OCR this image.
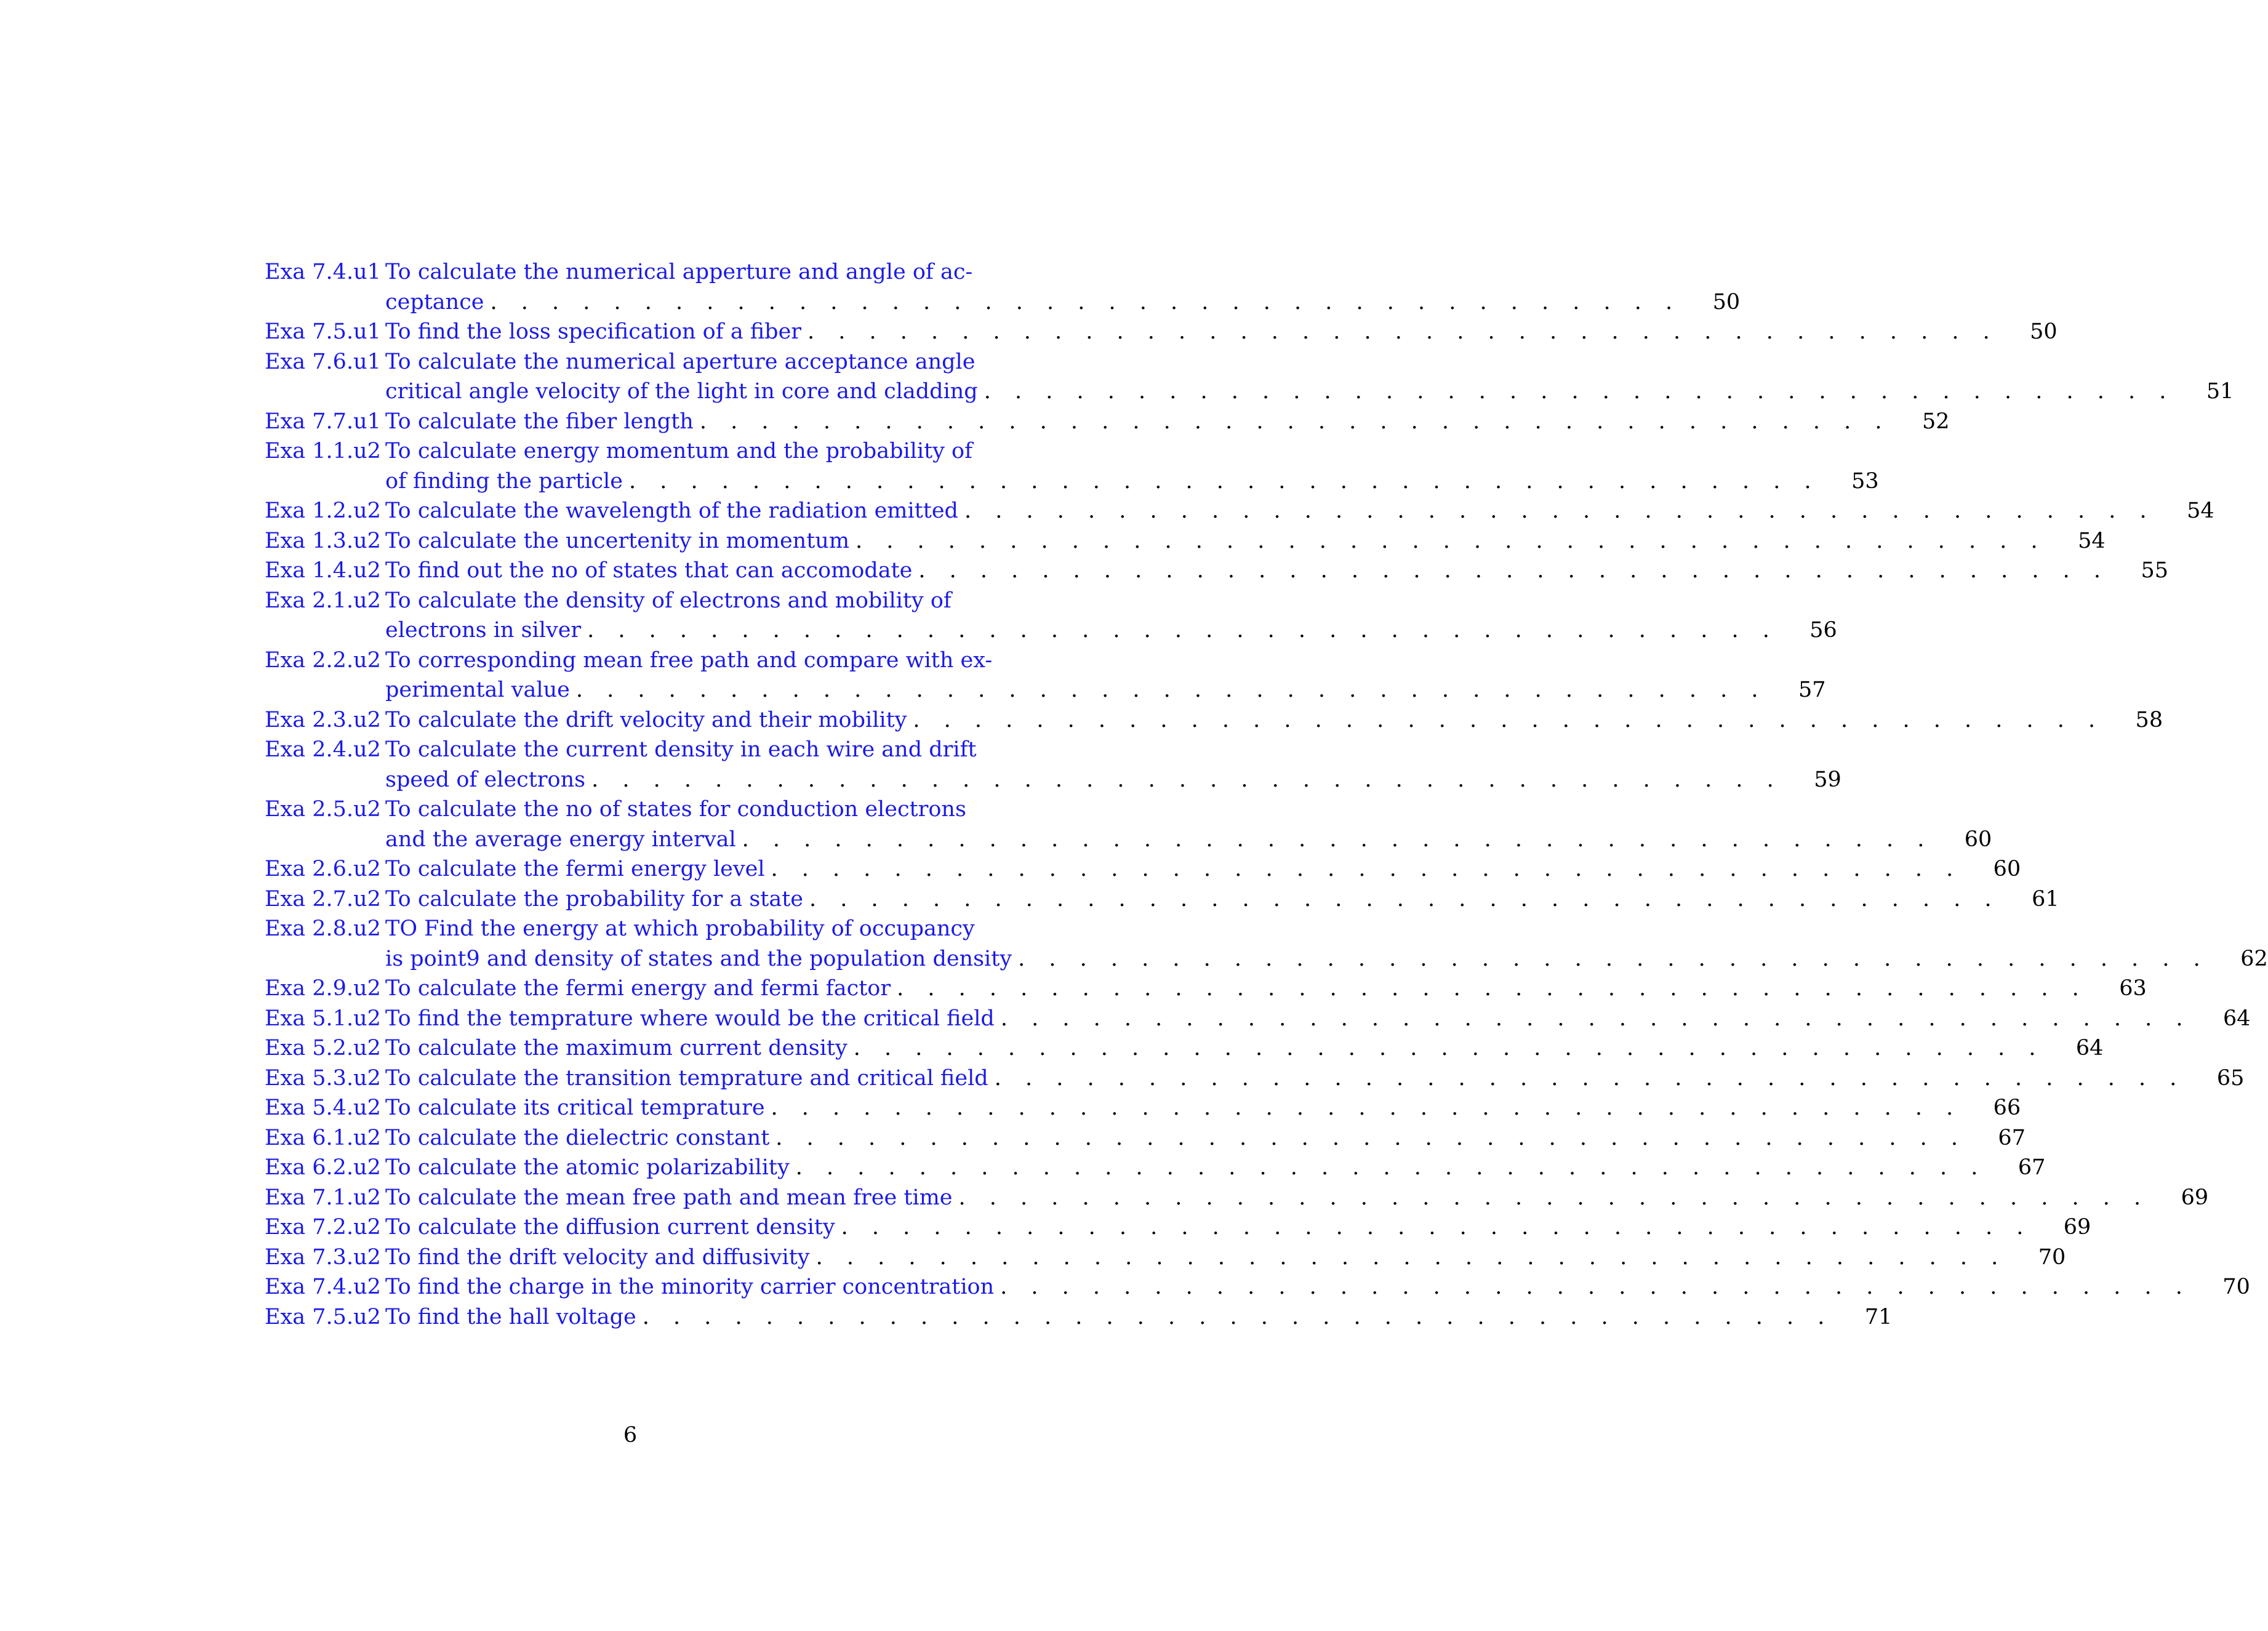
Exa 7.4.u1 To calculate the numerical apperture and angle of ac-
ceptance . . . . . . . . . . . . . . . . . . . . . . . . . . . . . . . . . . . . . . .	50
Exa 7.5.u1 To find the loss specification of a fiber . . . . . . . . . . . . . . . . . . . . . . . . . . . . . . . . . . . . . . .	50
Exa 7.6.u1 To calculate the numerical aperture acceptance angle
critical angle velocity of the light in core and cladding . . . . . . . . . . . . . . . . . . . . . . . . . . . . . . . . . . . . . . .	51
Exa 7.7.u1 To calculate the fiber length . . . . . . . . . . . . . . . . . . . . . . . . . . . . . . . . . . . . . . .	52
Exa 1.1.u2 To calculate energy momentum and the probability of
of finding the particle . . . . . . . . . . . . . . . . . . . . . . . . . . . . . . . . . . . . . . .	53
Exa 1.2.u2 To calculate the wavelength of the radiation emitted . . . . . . . . . . . . . . . . . . . . . . . . . . . . . . . . . . . . . . .	54
Exa 1.3.u2 To calculate the uncertenity in momentum . . . . . . . . . . . . . . . . . . . . . . . . . . . . . . . . . . . . . . .	54
Exa 1.4.u2 To find out the no of states that can accomodate . . . . . . . . . . . . . . . . . . . . . . . . . . . . . . . . . . . . . . .	55
Exa 2.1.u2 To calculate the density of electrons and mobility of
electrons in silver . . . . . . . . . . . . . . . . . . . . . . . . . . . . . . . . . . . . . . .	56
Exa 2.2.u2 To corresponding mean free path and compare with ex-
perimental value . . . . . . . . . . . . . . . . . . . . . . . . . . . . . . . . . . . . . . .	57
Exa 2.3.u2 To calculate the drift velocity and their mobility . . . . . . . . . . . . . . . . . . . . . . . . . . . . . . . . . . . . . . .	58
Exa 2.4.u2 To calculate the current density in each wire and drift
speed of electrons . . . . . . . . . . . . . . . . . . . . . . . . . . . . . . . . . . . . . . .	59
Exa 2.5.u2 To calculate the no of states for conduction electrons
and the average energy interval . . . . . . . . . . . . . . . . . . . . . . . . . . . . . . . . . . . . . . .	60
Exa 2.6.u2 To calculate the fermi energy level . . . . . . . . . . . . . . . . . . . . . . . . . . . . . . . . . . . . . . .	60
Exa 2.7.u2 To calculate the probability for a state . . . . . . . . . . . . . . . . . . . . . . . . . . . . . . . . . . . . . . .	61
Exa 2.8.u2 TO Find the energy at which probability of occupancy
is point9 and density of states and the population density . . . . . . . . . . . . . . . . . . . . . . . . . . . . . . . . . . . . . . .	62
Exa 2.9.u2 To calculate the fermi energy and fermi factor . . . . . . . . . . . . . . . . . . . . . . . . . . . . . . . . . . . . . . .	63
Exa 5.1.u2 To find the temprature where would be the critical field . . . . . . . . . . . . . . . . . . . . . . . . . . . . . . . . . . . . . . .	64
Exa 5.2.u2 To calculate the maximum current density . . . . . . . . . . . . . . . . . . . . . . . . . . . . . . . . . . . . . . .	64
Exa 5.3.u2 To calculate the transition temprature and critical field . . . . . . . . . . . . . . . . . . . . . . . . . . . . . . . . . . . . . . .	65
Exa 5.4.u2 To calculate its critical temprature . . . . . . . . . . . . . . . . . . . . . . . . . . . . . . . . . . . . . . .	66
Exa 6.1.u2 To calculate the dielectric constant . . . . . . . . . . . . . . . . . . . . . . . . . . . . . . . . . . . . . . .	67
Exa 6.2.u2 To calculate the atomic polarizability . . . . . . . . . . . . . . . . . . . . . . . . . . . . . . . . . . . . . . .	67
Exa 7.1.u2 To calculate the mean free path and mean free time . . . . . . . . . . . . . . . . . . . . . . . . . . . . . . . . . . . . . . .	69
Exa 7.2.u2 To calculate the diffusion current density . . . . . . . . . . . . . . . . . . . . . . . . . . . . . . . . . . . . . . .	69
Exa 7.3.u2 To find the drift velocity and diffusivity . . . . . . . . . . . . . . . . . . . . . . . . . . . . . . . . . . . . . . .	70
Exa 7.4.u2 To find the charge in the minority carrier concentration . . . . . . . . . . . . . . . . . . . . . . . . . . . . . . . . . . . . . . .	70
Exa 7.5.u2 To find the hall voltage . . . . . . . . . . . . . . . . . . . . . . . . . . . . . . . . . . . . . . .	71
6
